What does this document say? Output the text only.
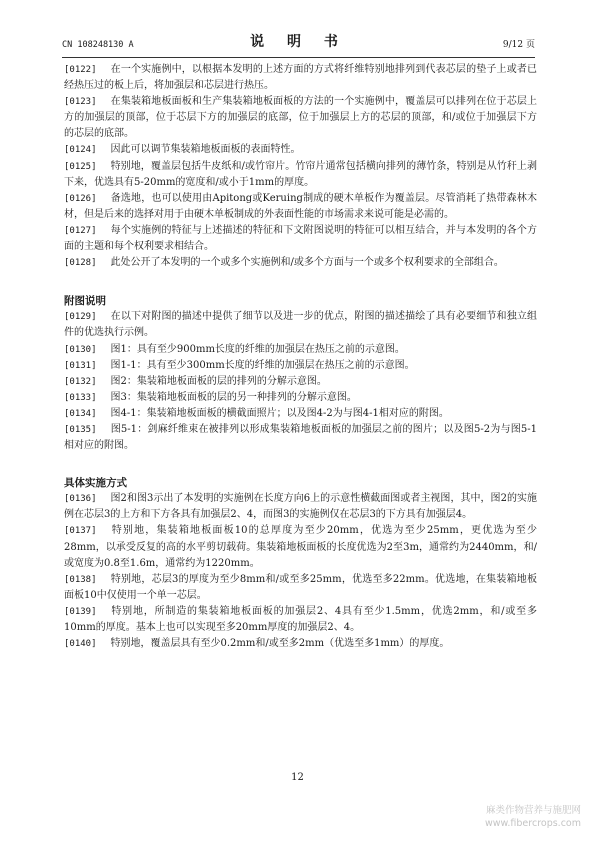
CN 108248130 A	说 明 书	9/12 页

[0122] 在一个实施例中，以根据本发明的上述方面的方式将纤维特别地排列到代表芯层的垫子上或者已经热压过的板上后，将加强层和芯层进行热压。

[0123] 在集装箱地板面板和生产集装箱地板面板的方法的一个实施例中，覆盖层可以排列在位于芯层上方的加强层的顶部，位于芯层下方的加强层的底部，位于加强层上方的芯层的顶部，和/或位于加强层下方的芯层的底部。

[0124] 因此可以调节集装箱地板面板的表面特性。

[0125] 特别地，覆盖层包括牛皮纸和/或竹帘片。竹帘片通常包括横向排列的薄竹条，特别是从竹秆上剥下来，优选具有5-20mm的宽度和/或小于1mm的厚度。

[0126] 备选地，也可以使用由Apitong或Keruing制成的硬木单板作为覆盖层。尽管消耗了热带森林木材，但是后来的选择对用于由硬木单板制成的外表面性能的市场需求来说可能是必需的。

[0127] 每个实施例的特征与上述描述的特征和下文附图说明的特征可以相互结合，并与本发明的各个方面的主题和每个权利要求相结合。

[0128] 此处公开了本发明的一个或多个实施例和/或多个方面与一个或多个权利要求的全部组合。

附图说明

[0129] 在以下对附图的描述中提供了细节以及进一步的优点，附图的描述描绘了具有必要细节和独立组件的优选执行示例。

[0130] 图1：具有至少900mm长度的纤维的加强层在热压之前的示意图。

[0131] 图1-1：具有至少300mm长度的纤维的加强层在热压之前的示意图。

[0132] 图2：集装箱地板面板的层的排列的分解示意图。

[0133] 图3：集装箱地板面板的层的另一种排列的分解示意图。

[0134] 图4-1：集装箱地板面板的横截面照片；以及图4-2为与图4-1相对应的附图。

[0135] 图5-1：剑麻纤维束在被排列以形成集装箱地板面板的加强层之前的图片；以及图5-2为与图5-1相对应的附图。

具体实施方式

[0136] 图2和图3示出了本发明的实施例在长度方向6上的示意性横截面图或者主视图，其中，图2的实施例在芯层3的上方和下方各具有加强层2、4，而图3的实施例仅在芯层3的下方具有加强层4。

[0137] 特别地，集装箱地板面板10的总厚度为至少20mm，优选为至少25mm，更优选为至少28mm，以承受反复的高的水平剪切载荷。集装箱地板面板的长度优选为2至3m，通常约为2440mm，和/或宽度为0.8至1.6m，通常约为1220mm。

[0138] 特别地，芯层3的厚度为至少8mm和/或至多25mm，优选至多22mm。优选地，在集装箱地板面板10中仅使用一个单一芯层。

[0139] 特别地，所制造的集装箱地板面板的加强层2、4具有至少1.5mm，优选2mm，和/或至多10mm的厚度。基本上也可以实现至多20mm厚度的加强层2、4。

[0140] 特别地，覆盖层具有至少0.2mm和/或至多2mm（优选至多1mm）的厚度。

12
麻类作物营养与施肥网
www.fibercrops.com
